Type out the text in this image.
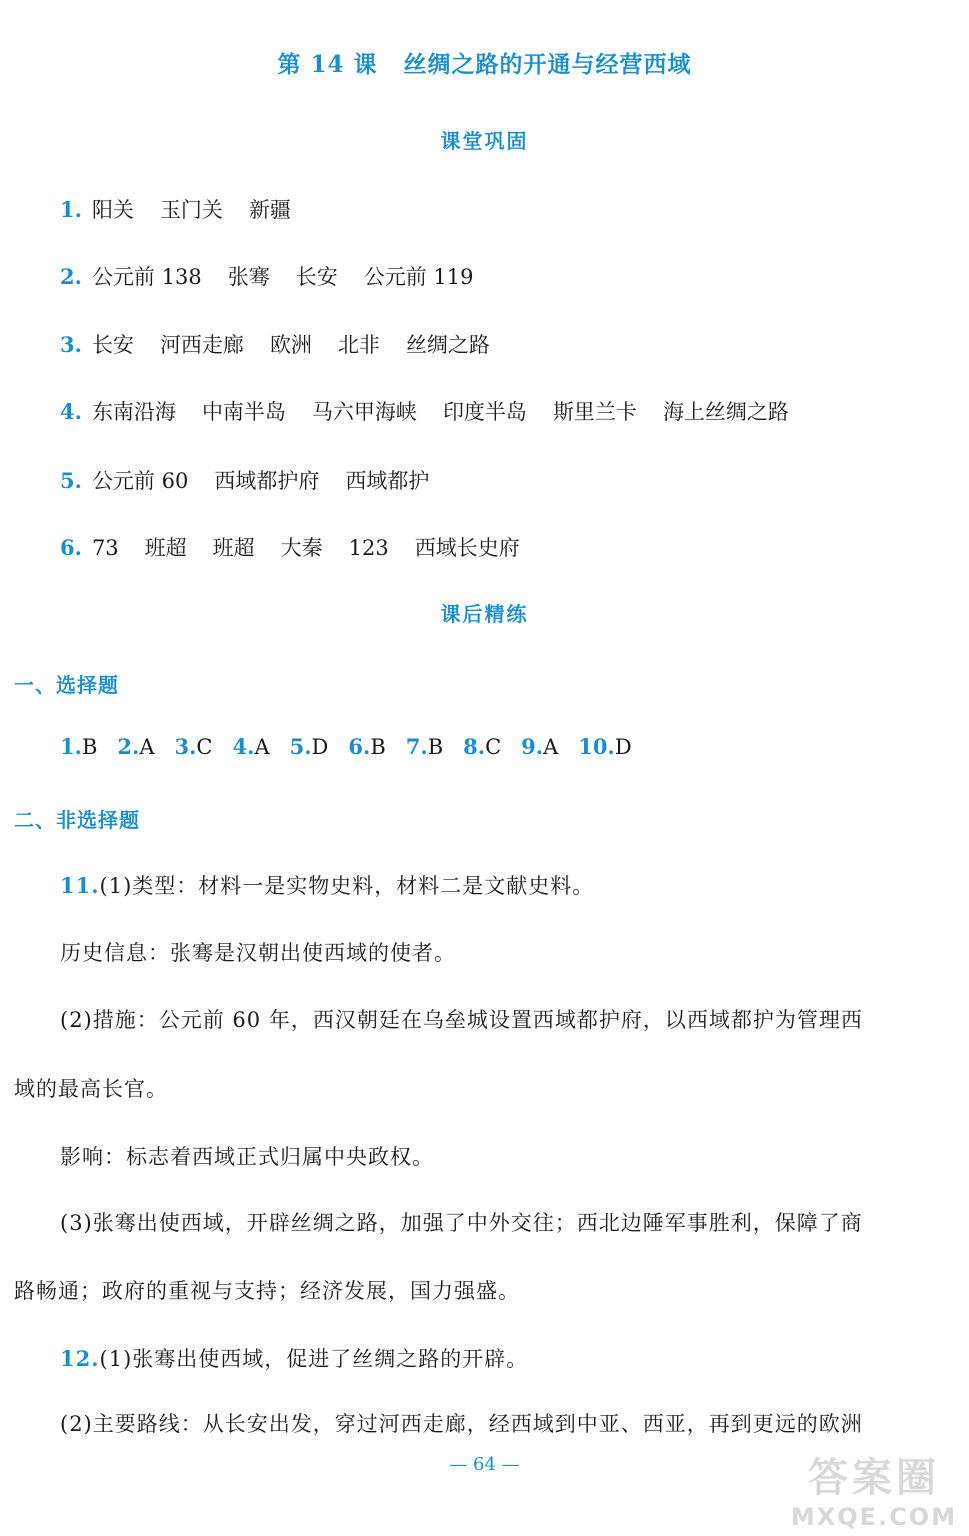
第 14 课 丝绸之路的开通与经营西域
课堂巩固
1. 阳关 玉门关 新疆
2. 公元前 138 张骞 长安 公元前 119
3. 长安 河西走廊 欧洲 北非 丝绸之路
4. 东南沿海 中南半岛 马六甲海峡 印度半岛 斯里兰卡 海上丝绸之路
5. 公元前 60 西域都护府 西域都护
6. 73 班超 班超 大秦 123 西域长史府
课后精练
一、选择题
1.B 2.A 3.C 4.A 5.D 6.B 7.B 8.C 9.A 10.D
二、非选择题
11.(1)类型：材料一是实物史料，材料二是文献史料。
历史信息：张骞是汉朝出使西域的使者。
(2)措施：公元前 60 年，西汉朝廷在乌垒城设置西域都护府，以西域都护为管理西
域的最高长官。
影响：标志着西域正式归属中央政权。
(3)张骞出使西域，开辟丝绸之路，加强了中外交往；西北边陲军事胜利，保障了商
路畅通；政府的重视与支持；经济发展，国力强盛。
12.(1)张骞出使西域，促进了丝绸之路的开辟。
(2)主要路线：从长安出发，穿过河西走廊，经西域到中亚、西亚，再到更远的欧洲
— 64 —	答案圈
MXQE.COM
